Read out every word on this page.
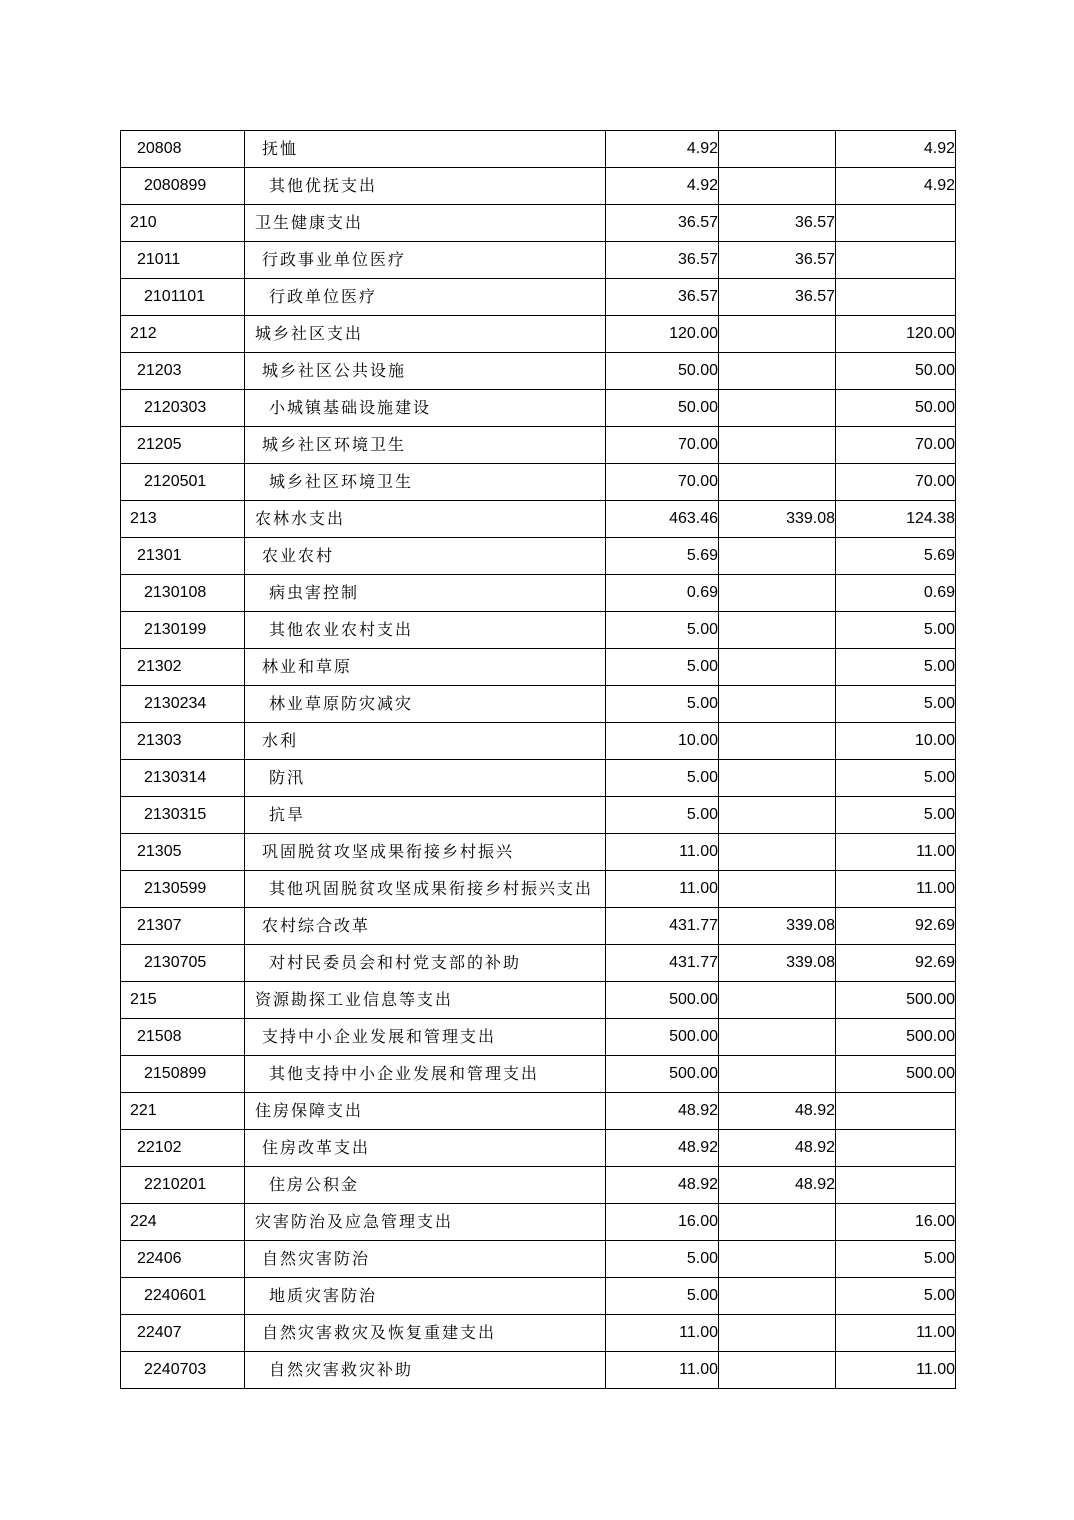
20808	抚恤	4.92		4.92
2080899	其他优抚支出	4.92		4.92
210	卫生健康支出	36.57	36.57	
21011	行政事业单位医疗	36.57	36.57	
2101101	行政单位医疗	36.57	36.57	
212	城乡社区支出	120.00		120.00
21203	城乡社区公共设施	50.00		50.00
2120303	小城镇基础设施建设	50.00		50.00
21205	城乡社区环境卫生	70.00		70.00
2120501	城乡社区环境卫生	70.00		70.00
213	农林水支出	463.46	339.08	124.38
21301	农业农村	5.69		5.69
2130108	病虫害控制	0.69		0.69
2130199	其他农业农村支出	5.00		5.00
21302	林业和草原	5.00		5.00
2130234	林业草原防灾减灾	5.00		5.00
21303	水利	10.00		10.00
2130314	防汛	5.00		5.00
2130315	抗旱	5.00		5.00
21305	巩固脱贫攻坚成果衔接乡村振兴	11.00		11.00
2130599	其他巩固脱贫攻坚成果衔接乡村振兴支出	11.00		11.00
21307	农村综合改革	431.77	339.08	92.69
2130705	对村民委员会和村党支部的补助	431.77	339.08	92.69
215	资源勘探工业信息等支出	500.00		500.00
21508	支持中小企业发展和管理支出	500.00		500.00
2150899	其他支持中小企业发展和管理支出	500.00		500.00
221	住房保障支出	48.92	48.92	
22102	住房改革支出	48.92	48.92	
2210201	住房公积金	48.92	48.92	
224	灾害防治及应急管理支出	16.00		16.00
22406	自然灾害防治	5.00		5.00
2240601	地质灾害防治	5.00		5.00
22407	自然灾害救灾及恢复重建支出	11.00		11.00
2240703	自然灾害救灾补助	11.00		11.00
